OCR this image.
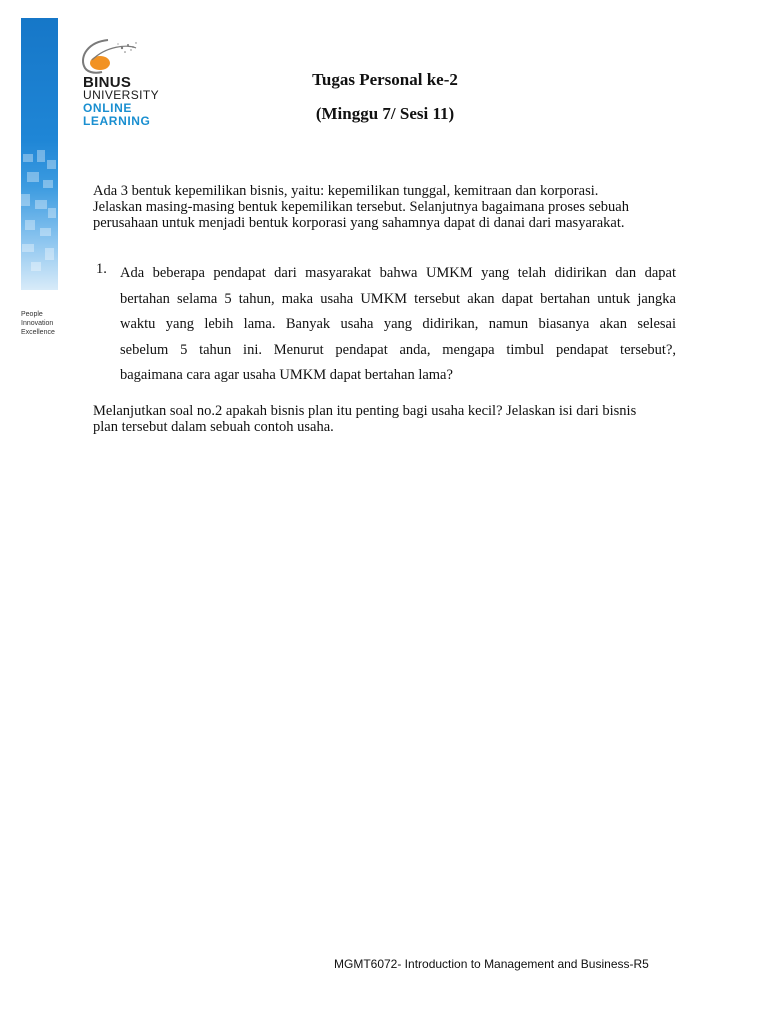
People
Innovation
Excellence
BINUS
UNIVERSITY
ONLINE
LEARNING
Tugas Personal ke-2
(Minggu 7/ Sesi 11)
Ada 3 bentuk kepemilikan bisnis, yaitu: kepemilikan tunggal, kemitraan dan korporasi.
Jelaskan masing-masing bentuk kepemilikan tersebut. Selanjutnya bagaimana proses sebuah
perusahaan untuk menjadi bentuk korporasi yang sahamnya dapat di danai dari masyarakat.
1. Ada beberapa pendapat dari masyarakat bahwa UMKM yang telah didirikan dan dapat
bertahan selama 5 tahun, maka usaha UMKM tersebut akan dapat bertahan untuk jangka
waktu yang lebih lama. Banyak usaha yang didirikan, namun biasanya akan selesai
sebelum 5 tahun ini. Menurut pendapat anda, mengapa timbul pendapat tersebut?,
bagaimana cara agar usaha UMKM dapat bertahan lama?
Melanjutkan soal no.2 apakah bisnis plan itu penting bagi usaha kecil? Jelaskan isi dari bisnis
plan tersebut dalam sebuah contoh usaha.
MGMT6072- Introduction to Management and Business-R5
